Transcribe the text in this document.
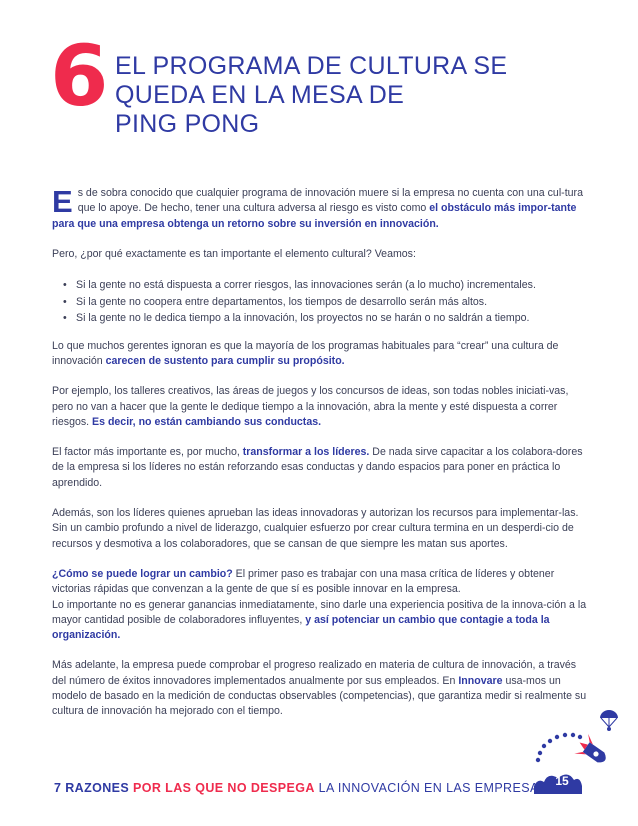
6 EL PROGRAMA DE CULTURA SE
QUEDA EN LA MESA DE
PING PONG

Es de sobra conocido que cualquier programa de innovación muere si la empresa no cuenta con una cul-tura que lo apoye. De hecho, tener una cultura adversa al riesgo es visto como el obstáculo más impor-tante para que una empresa obtenga un retorno sobre su inversión en innovación.

Pero, ¿por qué exactamente es tan importante el elemento cultural? Veamos:

• Si la gente no está dispuesta a correr riesgos, las innovaciones serán (a lo mucho) incrementales.
• Si la gente no coopera entre departamentos, los tiempos de desarrollo serán más altos.
• Si la gente no le dedica tiempo a la innovación, los proyectos no se harán o no saldrán a tiempo.

Lo que muchos gerentes ignoran es que la mayoría de los programas habituales para “crear” una cultura de innovación carecen de sustento para cumplir su propósito.

Por ejemplo, los talleres creativos, las áreas de juegos y los concursos de ideas, son todas nobles iniciati-vas, pero no van a hacer que la gente le dedique tiempo a la innovación, abra la mente y esté dispuesta a correr riesgos. Es decir, no están cambiando sus conductas.

El factor más importante es, por mucho, transformar a los líderes. De nada sirve capacitar a los colabora-dores de la empresa si los líderes no están reforzando esas conductas y dando espacios para poner en práctica lo aprendido.

Además, son los líderes quienes aprueban las ideas innovadoras y autorizan los recursos para implementar-las. Sin un cambio profundo a nivel de liderazgo, cualquier esfuerzo por crear cultura termina en un desperdi-cio de recursos y desmotiva a los colaboradores, que se cansan de que siempre les matan sus aportes.

¿Cómo se puede lograr un cambio? El primer paso es trabajar con una masa crítica de líderes y obtener victorias rápidas que convenzan a la gente de que sí es posible innovar en la empresa.
Lo importante no es generar ganancias inmediatamente, sino darle una experiencia positiva de la innova-ción a la mayor cantidad posible de colaboradores influyentes, y así potenciar un cambio que contagie a toda la organización.

Más adelante, la empresa puede comprobar el progreso realizado en materia de cultura de innovación, a través del número de éxitos innovadores implementados anualmente por sus empleados. En Innovare usa-mos un modelo de basado en la medición de conductas observables (competencias), que garantiza medir si realmente su cultura de innovación ha mejorado con el tiempo.

7 RAZONES POR LAS QUE NO DESPEGA LA INNOVACIÓN EN LAS EMPRESAS 15
